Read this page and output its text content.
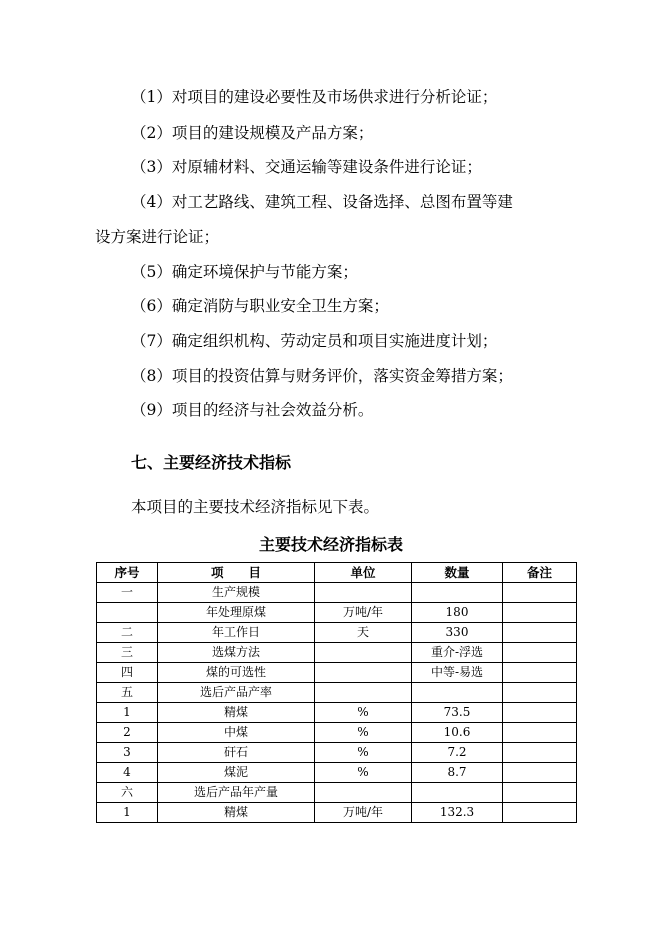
（1）对项目的建设必要性及市场供求进行分析论证；
（2）项目的建设规模及产品方案；
（3）对原辅材料、交通运输等建设条件进行论证；
（4）对工艺路线、建筑工程、设备选择、总图布置等建
设方案进行论证；
（5）确定环境保护与节能方案；
（6）确定消防与职业安全卫生方案；
（7）确定组织机构、劳动定员和项目实施进度计划；
（8）项目的投资估算与财务评价，落实资金筹措方案；
（9）项目的经济与社会效益分析。
七、主要经济技术指标
本项目的主要技术经济指标见下表。
主要技术经济指标表
序号	项　　目	单位	数量	备注
一	生产规模			
	年处理原煤	万吨/年	180	
二	年工作日	天	330	
三	选煤方法		重介-浮选	
四	煤的可选性		中等-易选	
五	选后产品产率			
1	精煤	%	73.5	
2	中煤	%	10.6	
3	矸石	%	7.2	
4	煤泥	%	8.7	
六	选后产品年产量			
1	精煤	万吨/年	132.3	
